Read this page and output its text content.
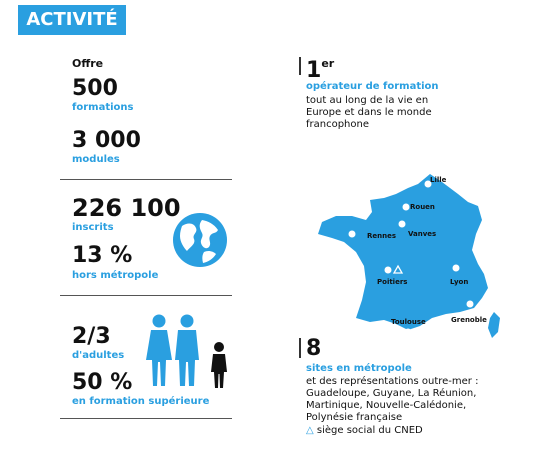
ACTIVITÉ
Offre
500
formations
3 000
modules
226 100
inscrits
13 %
hors métropole
2/3
d'adultes
50 %
en formation supérieure
1er
opérateur de formation
tout au long de la vie en
Europe et dans le monde
francophone
Lille
Rouen
Vanves
Rennes
Poitiers	Lyon
Grenoble
Toulouse
8
sites en métropole
et des représentations outre-mer :
Guadeloupe, Guyane, La Réunion,
Martinique, Nouvelle-Calédonie,
Polynésie française
△ siège social du CNED
